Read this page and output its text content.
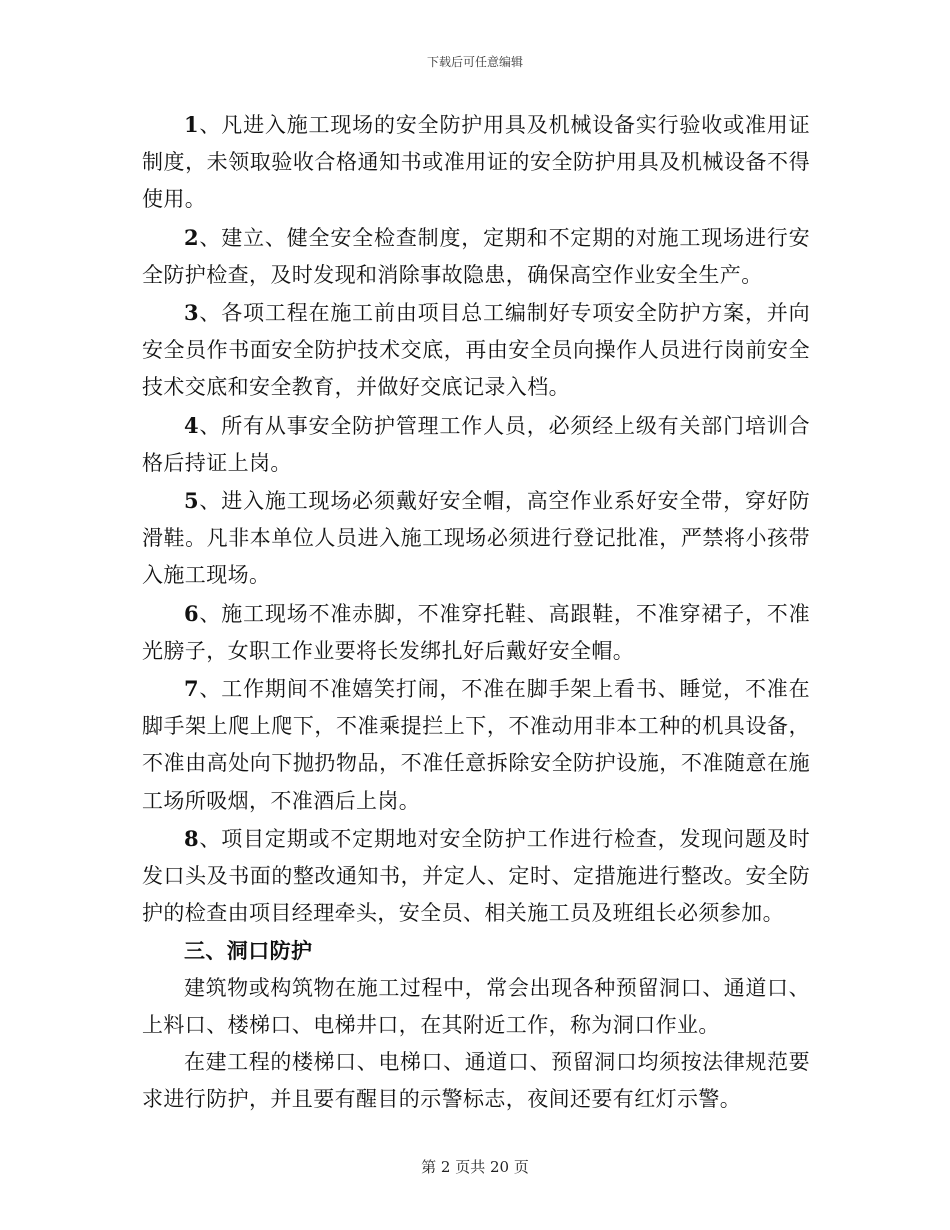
下载后可任意编辑

1、凡进入施工现场的安全防护用具及机械设备实行验收或准用证制度，未领取验收合格通知书或准用证的安全防护用具及机械设备不得使用。

2、建立、健全安全检查制度，定期和不定期的对施工现场进行安全防护检查，及时发现和消除事故隐患，确保高空作业安全生产。

3、各项工程在施工前由项目总工编制好专项安全防护方案，并向安全员作书面安全防护技术交底，再由安全员向操作人员进行岗前安全技术交底和安全教育，并做好交底记录入档。

4、所有从事安全防护管理工作人员，必须经上级有关部门培训合格后持证上岗。

5、进入施工现场必须戴好安全帽，高空作业系好安全带，穿好防滑鞋。凡非本单位人员进入施工现场必须进行登记批准，严禁将小孩带入施工现场。

6、施工现场不准赤脚，不准穿托鞋、高跟鞋，不准穿裙子，不准光膀子，女职工作业要将长发绑扎好后戴好安全帽。

7、工作期间不准嬉笑打闹，不准在脚手架上看书、睡觉，不准在脚手架上爬上爬下，不准乘提拦上下，不准动用非本工种的机具设备，不准由高处向下抛扔物品，不准任意拆除安全防护设施，不准随意在施工场所吸烟，不准酒后上岗。

8、项目定期或不定期地对安全防护工作进行检查，发现问题及时发口头及书面的整改通知书，并定人、定时、定措施进行整改。安全防护的检查由项目经理牵头，安全员、相关施工员及班组长必须参加。

三、洞口防护

建筑物或构筑物在施工过程中，常会出现各种预留洞口、通道口、上料口、楼梯口、电梯井口，在其附近工作，称为洞口作业。

在建工程的楼梯口、电梯口、通道口、预留洞口均须按法律规范要求进行防护，并且要有醒目的示警标志，夜间还要有红灯示警。

第 2 页共 20 页
